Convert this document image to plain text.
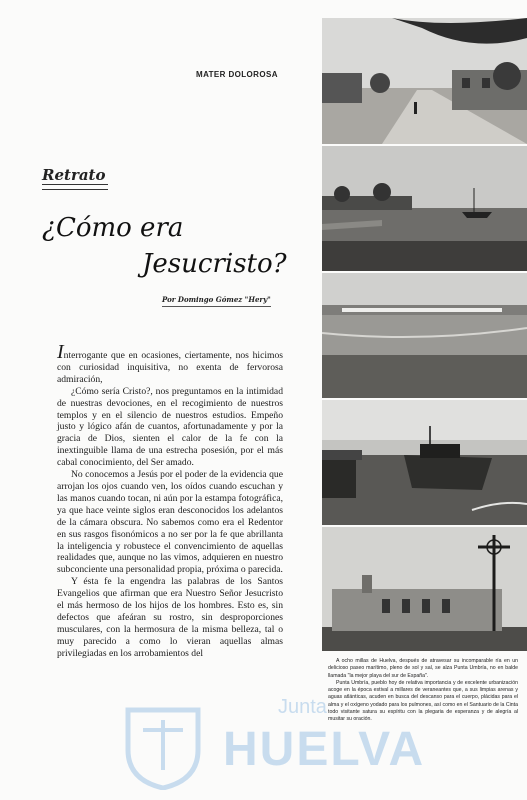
MATER DOLOROSA
Retrato
¿Cómo era
Jesucristo?
Por Domingo Gómez "Hery"

Interrogante que en ocasiones, ciertamente, nos hicimos con curiosidad inquisitiva, no exenta de fervorosa admiración,

¿Cómo sería Cristo?, nos preguntamos en la intimidad de nuestras devociones, en el recogimiento de nuestros templos y en el silencio de nuestros estudios. Empeño justo y lógico afán de cuantos, afortunadamente y por la gracia de Dios, sienten el calor de la fe con la inextinguible llama de una estrecha posesión, por el más cabal conocimiento, del Ser amado.

No conocemos a Jesús por el poder de la evidencia que arrojan los ojos cuando ven, los oídos cuando escuchan y las manos cuando tocan, ni aún por la estampa fotográfica, ya que hace veinte siglos eran desconocidos los adelantos de la cámara obscura. No sabemos como era el Redentor en sus rasgos fisonómicos a no ser por la fe que abrillanta la inteligencia y robustece el convencimiento de aquellas realidades que, aunque no las vimos, adquieren en nuestro subconciente una personalidad propia, próxima o parecida.

Y ésta fe la engendra las palabras de los Santos Evangelios que afirman que era Nuestro Señor Jesucristo el más hermoso de los hijos de los hombres. Esto es, sin defectos que afeáran su rostro, sin desproporciones musculares, con la hermosura de la misma belleza, tal o muy parecido a como lo vieran aquellas almas privilegiadas en los arrobamientos del

A ocho millas de Huelva, después de atravesar su incomparable ría en un delicioso paseo marítimo, pleno de sol y sal, se alza Punta Umbría, no en balde llamada "la mejor playa del sur de España".

Punta Umbría, pueblo hoy de relativa importancia y de excelente urbanización acoge en la época estival a millares de veraneantes que, a sus limpias arenas y aguas atlánticas, acuden en busca del descanso para el cuerpo, plácidas para el alma y el oxígeno yodado para los pulmones, así como en el Santuario de la Cinta todo visitante satura su espíritu con la plegaria de esperanza y de alegría al musitar su oración.

Junta
HUELVA
